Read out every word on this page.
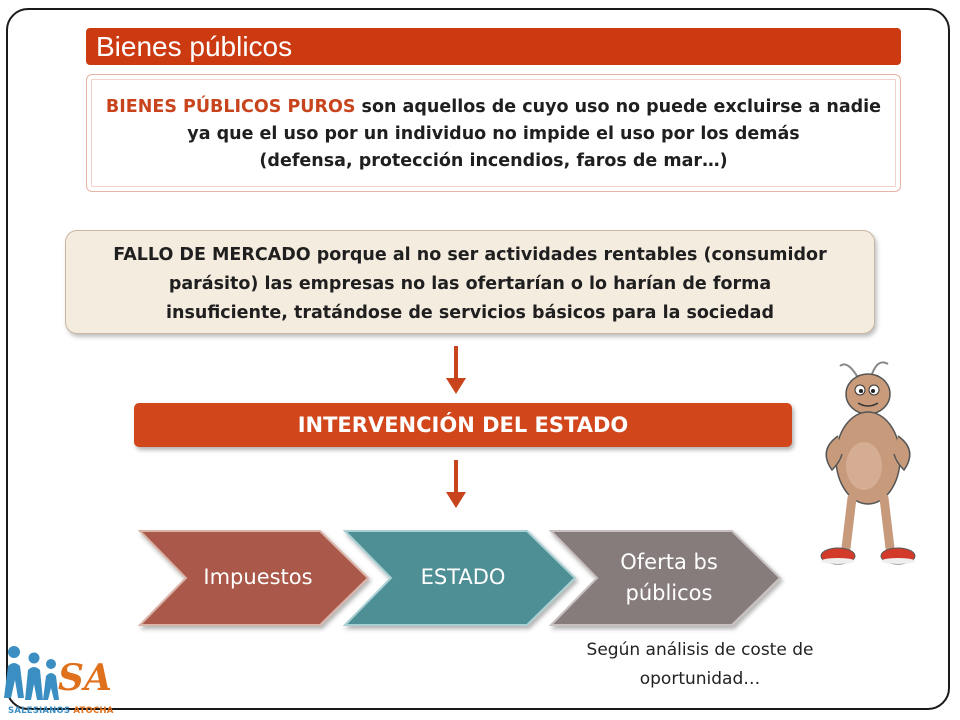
Bienes públicos
BIENES PÚBLICOS PUROS son aquellos de cuyo uso no puede excluirse a nadie
ya que el uso por un individuo no impide el uso por los demás
(defensa, protección incendios, faros de mar…)
FALLO DE MERCADO porque al no ser actividades rentables (consumidor
parásito) las empresas no las ofertarían o lo harían de forma
insuficiente, tratándose de servicios básicos para la sociedad
INTERVENCIÓN DEL ESTADO
Impuestos	ESTADO
Oferta bs
públicos
Según análisis de coste de
oportunidad…
SA
SALESIANOS ATOCHA
